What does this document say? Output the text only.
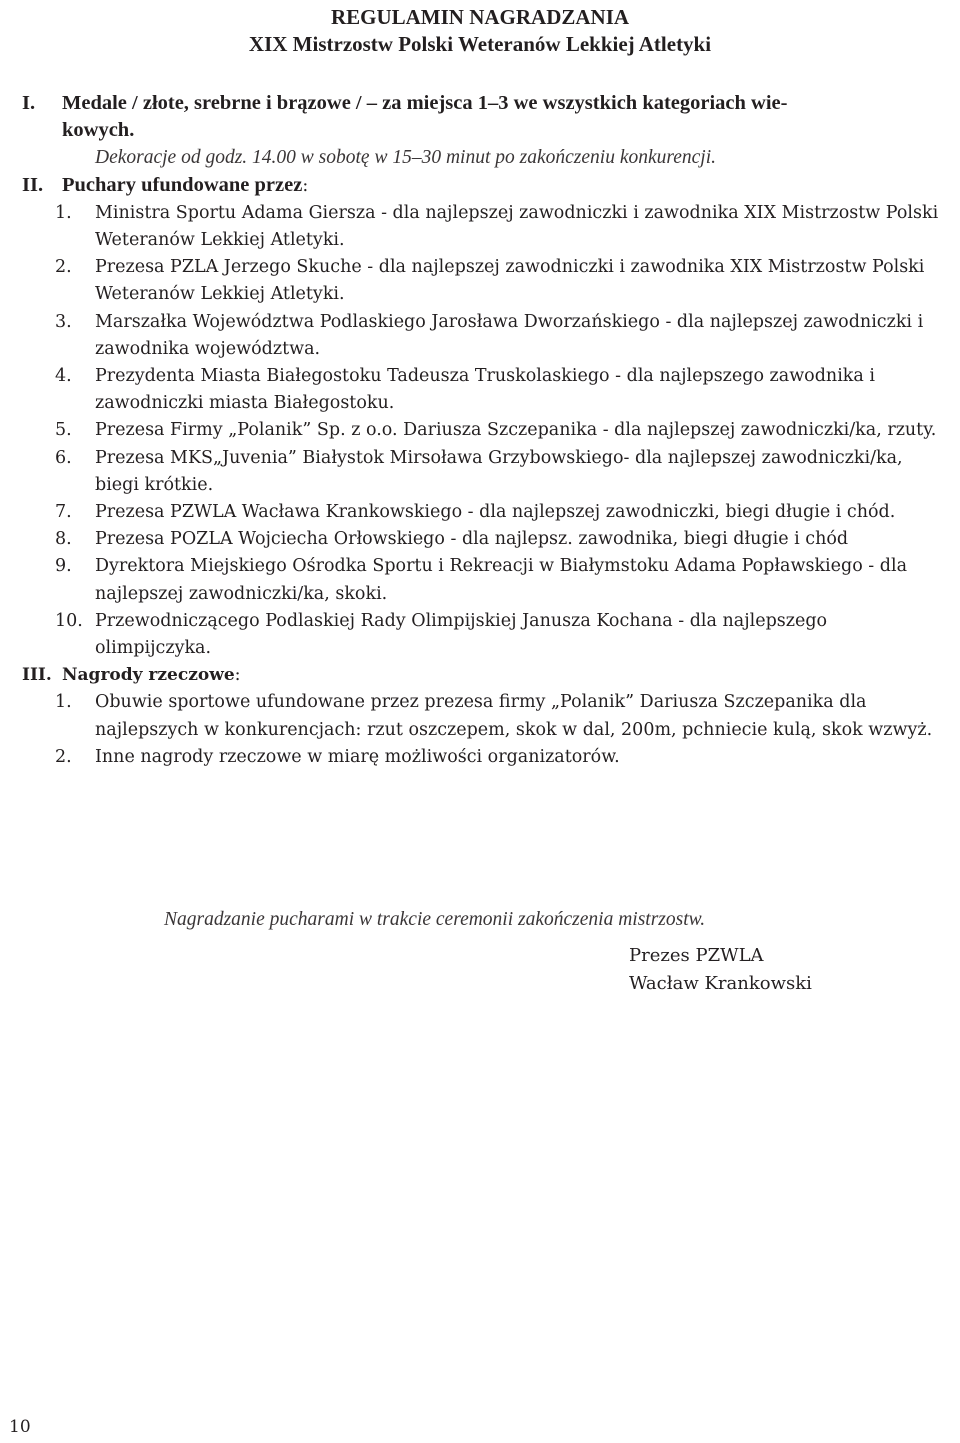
REGULAMIN NAGRADZANIA
XIX Mistrzostw Polski Weteranów Lekkiej Atletyki
I.	Medale / złote, srebrne i brązowe / – za miejsca 1–3 we wszystkich kategoriach wie-
kowych.
Dekoracje od godz. 14.00 w sobotę w 15–30 minut po zakończeniu konkurencji.
II. Puchary ufundowane przez:
1.	Ministra Sportu Adama Giersza - dla najlepszej zawodniczki i zawodnika XIX Mistrzostw Polski Weteranów Lekkiej Atletyki.
2.	Prezesa PZLA Jerzego Skuche - dla najlepszej zawodniczki i zawodnika XIX Mistrzostw Polski Weteranów Lekkiej Atletyki.
3.	Marszałka Województwa Podlaskiego Jarosława Dworzańskiego - dla najlepszej zawodniczki i zawodnika województwa.
4.	Prezydenta Miasta Białegostoku Tadeusza Truskolaskiego - dla najlepszego zawodnika i zawodniczki miasta Białegostoku.
5.	Prezesa Firmy „Polanik” Sp. z o.o. Dariusza Szczepanika - dla najlepszej zawodniczki/ka, rzuty.
6.	Prezesa MKS„Juvenia” Białystok Mirsoława Grzybowskiego- dla najlepszej zawodniczki/ka, biegi krótkie.
7.	Prezesa PZWLA Wacława Krankowskiego - dla najlepszej zawodniczki, biegi długie i chód.
8.	Prezesa POZLA Wojciecha Orłowskiego - dla najlepsz. zawodnika, biegi długie i chód
9.	Dyrektora Miejskiego Ośrodka Sportu i Rekreacji w Białymstoku Adama Popławskiego - dla najlepszej zawodniczki/ka, skoki.
10. Przewodniczącego Podlaskiej Rady Olimpijskiej Janusza Kochana - dla najlepszego olimpijczyka.
III. Nagrody rzeczowe:
1.	Obuwie sportowe ufundowane przez prezesa firmy „Polanik” Dariusza Szczepanika dla najlepszych w konkurencjach: rzut oszczepem, skok w dal, 200m, pchniecie kulą, skok wzwyż.
2.	Inne nagrody rzeczowe w miarę możliwości organizatorów.
Nagradzanie pucharami w trakcie ceremonii zakończenia mistrzostw.
Prezes PZWLA
Wacław Krankowski
10
